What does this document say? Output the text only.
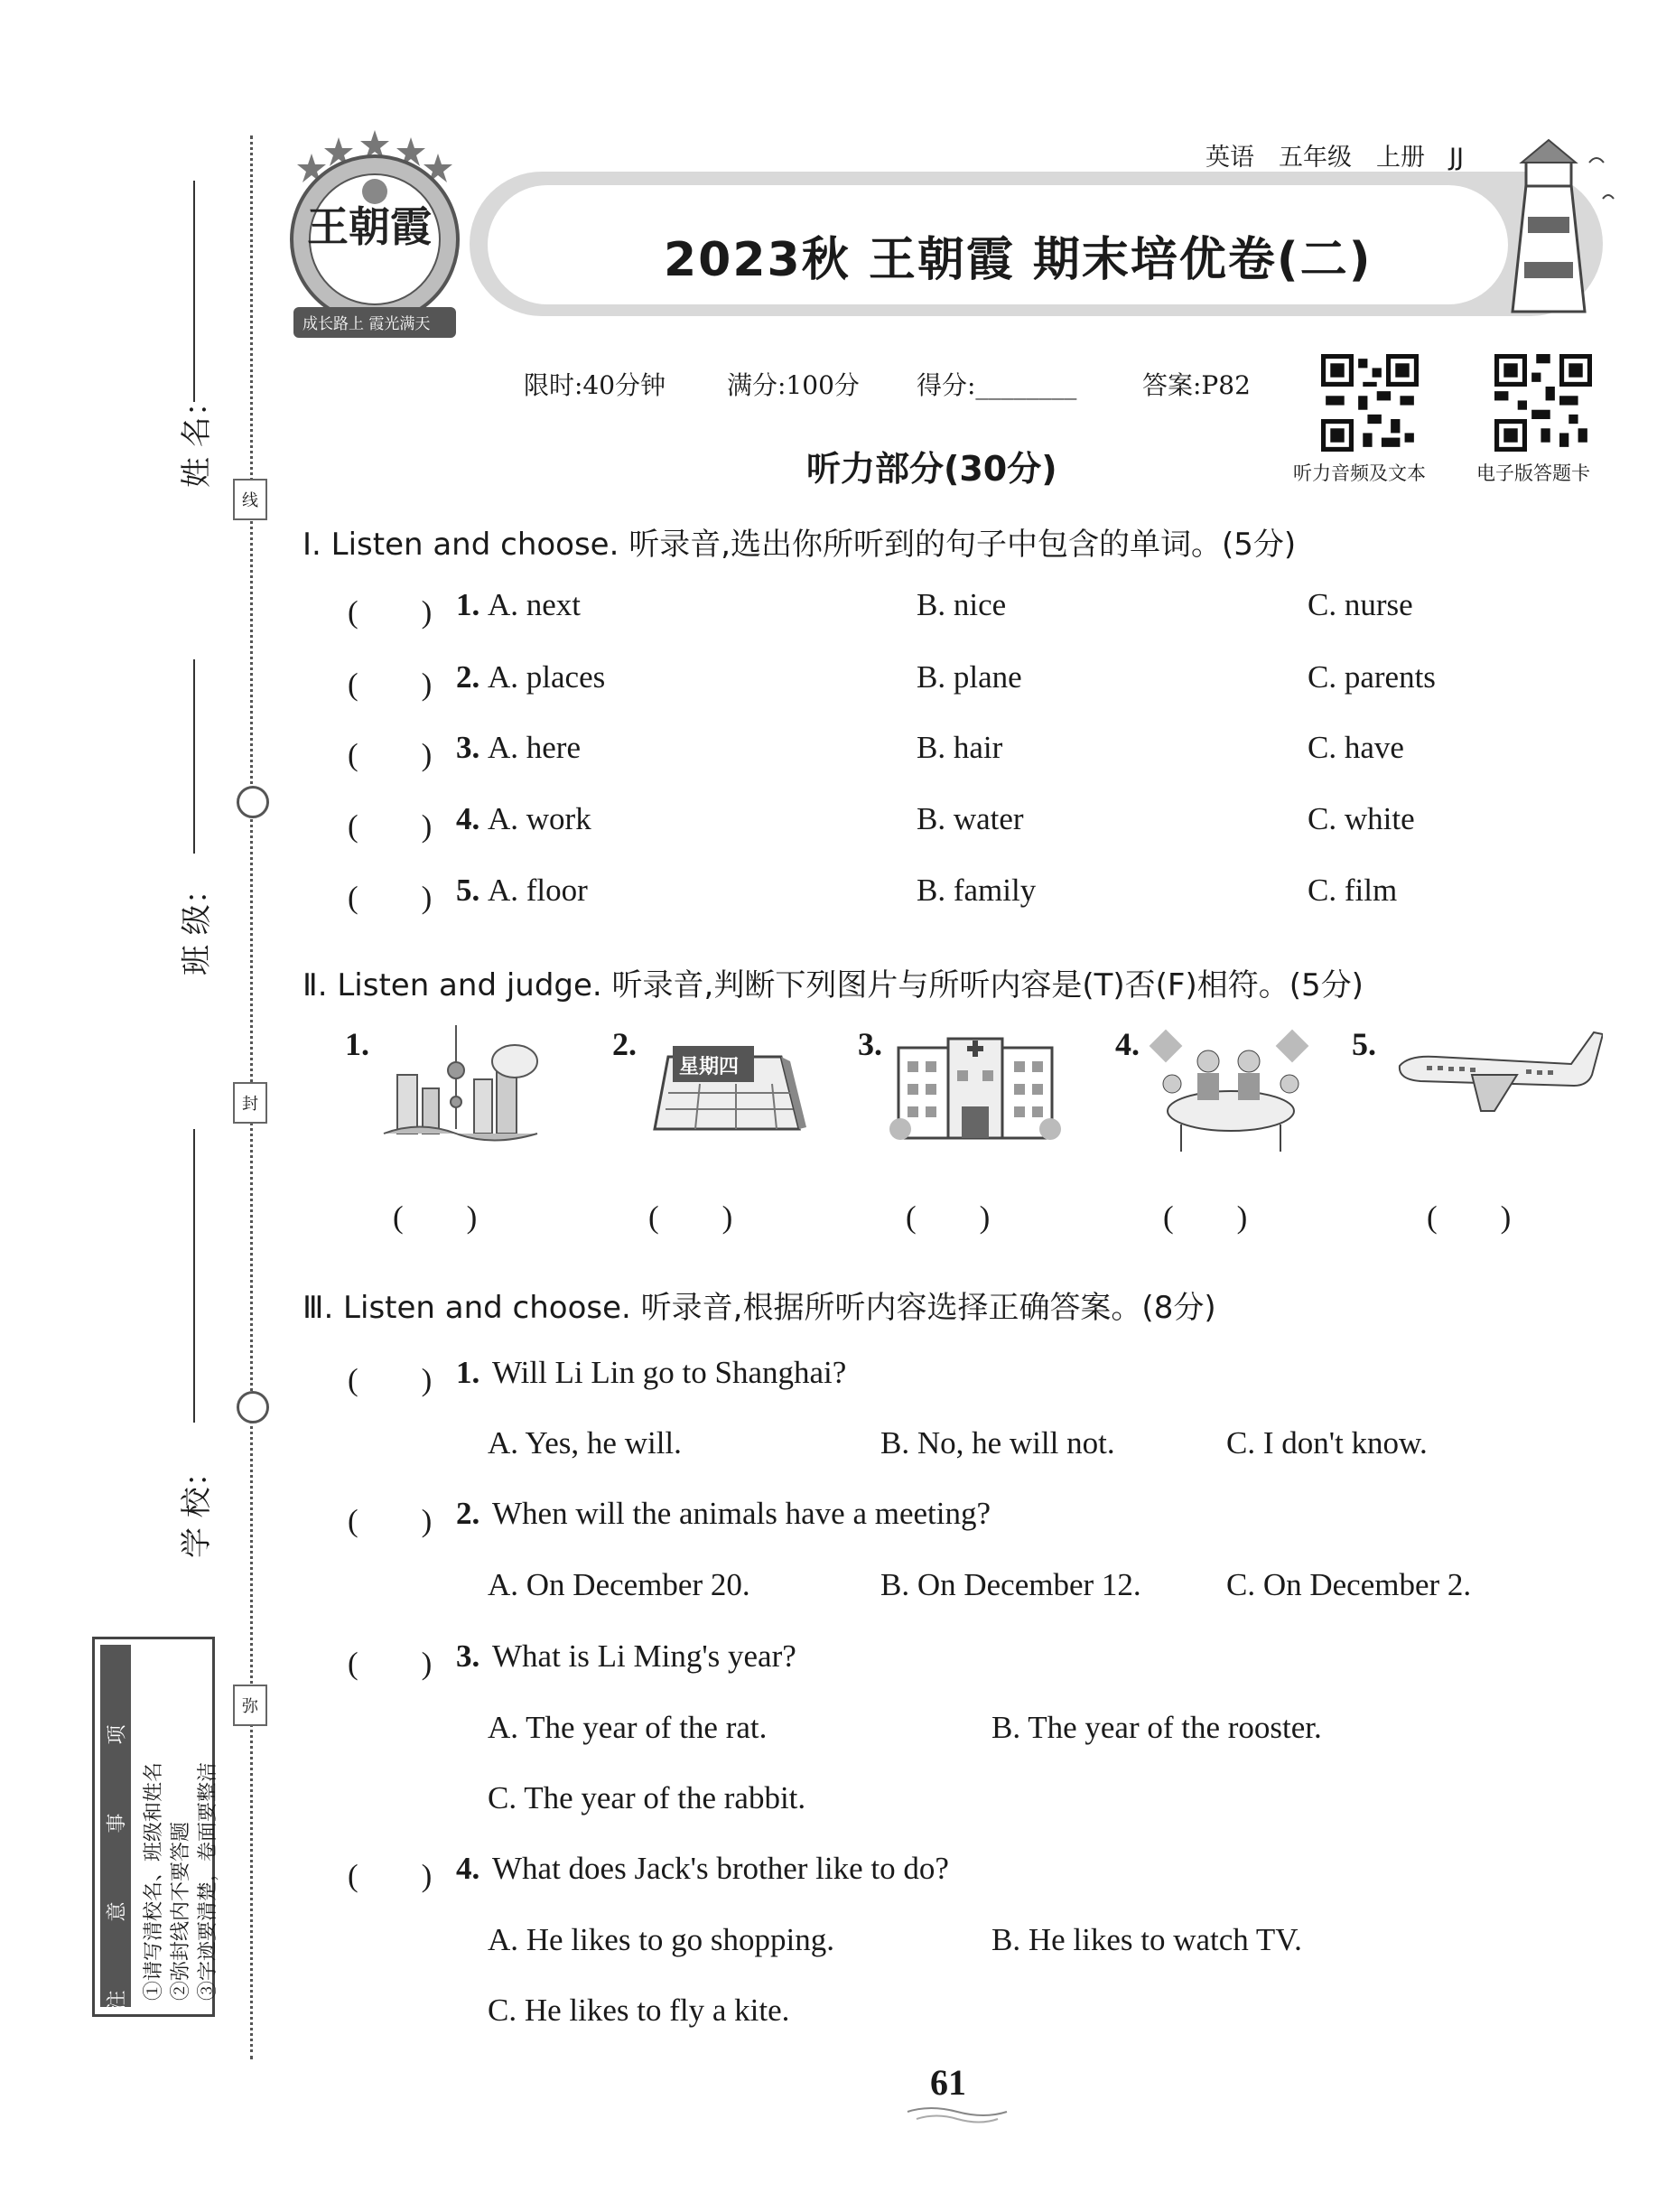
姓 名：
班 级：
学 校：
线
封
弥
注
意
事
项
①请写清校名、班级和姓名 ②弥封线内不要答题 ③字迹要清楚，卷面要整洁
王朝霞
成长路上 霞光满天
英语　五年级　上册　JJ
2023秋 王朝霞 期末培优卷(二)
限时:40分钟 满分:100分 得分:________	答案:P82
听力音频及文本	电子版答题卡
听力部分(30分)
Ⅰ. Listen and choose. 听录音,选出你所听到的句子中包含的单词。(5分)
(　　) 1. A. next	B. nice	C. nurse
(　　) 2. A. places	B. plane	C. parents
(　　) 3. A. here	B. hair	C. have
(　　) 4. A. work	B. water	C. white
(　　) 5. A. floor	B. family	C. film
Ⅱ. Listen and judge. 听录音,判断下列图片与所听内容是(T)否(F)相符。(5分)
1.	2.
星期四
3.	4.	5.
(　　)	(　　)	(　　)	(　　)	(　　)
Ⅲ. Listen and choose. 听录音,根据所听内容选择正确答案。(8分)
(　　) 1. Will Li Lin go to Shanghai?
A. Yes, he will.	B. No, he will not.	C. I don't know.
(　　) 2. When will the animals have a meeting?
A. On December 20.	B. On December 12.	C. On December 2.
(　　) 3. What is Li Ming's year?
A. The year of the rat.	B. The year of the rooster.
C. The year of the rabbit.
(　　) 4. What does Jack's brother like to do?
A. He likes to go shopping.	B. He likes to watch TV.
C. He likes to fly a kite.
61
